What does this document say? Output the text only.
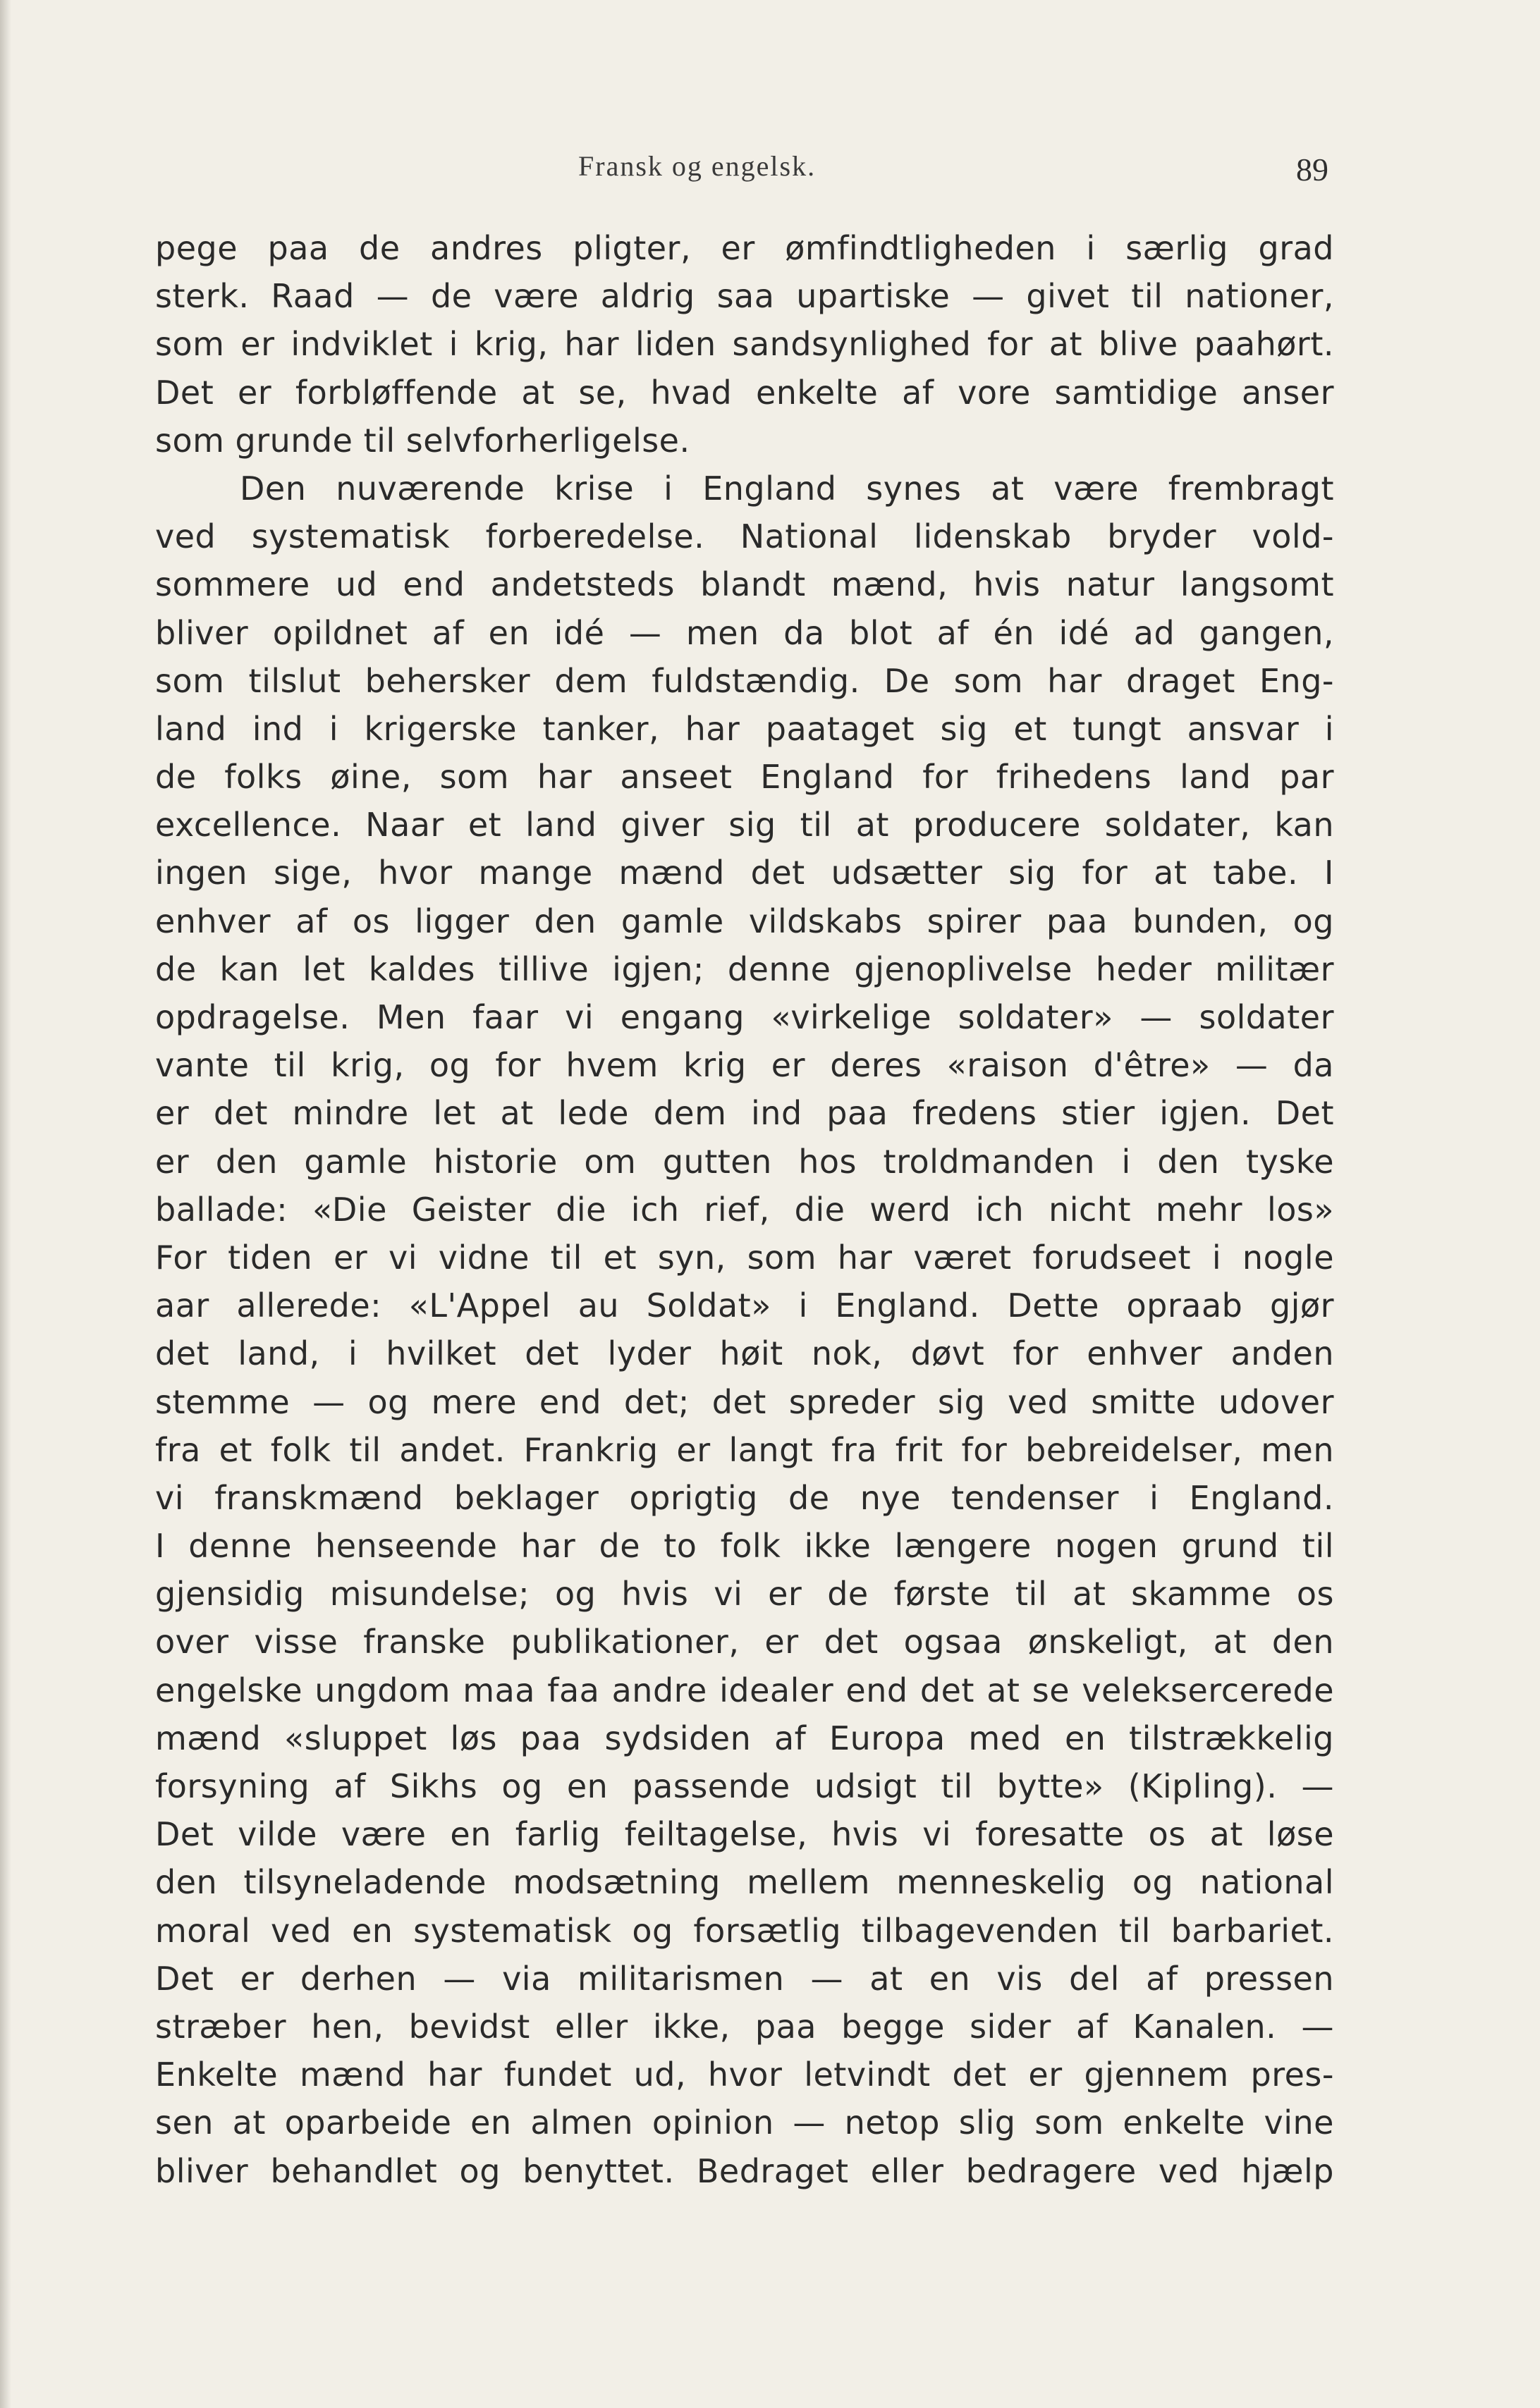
Fransk og engelsk.	89
pege paa de andres pligter, er ømfindtligheden i særlig grad
sterk. Raad — de være aldrig saa upartiske — givet til nationer,
som er indviklet i krig, har liden sandsynlighed for at blive paahørt.
Det er forbløffende at se, hvad enkelte af vore samtidige anser
som grunde til selvforherligelse.
Den nuværende krise i England synes at være frembragt
ved systematisk forberedelse. National lidenskab bryder vold-
sommere ud end andetsteds blandt mænd, hvis natur langsomt
bliver opildnet af en idé — men da blot af én idé ad gangen,
som tilslut behersker dem fuldstændig. De som har draget Eng-
land ind i krigerske tanker, har paataget sig et tungt ansvar i
de folks øine, som har anseet England for frihedens land par
excellence. Naar et land giver sig til at producere soldater, kan
ingen sige, hvor mange mænd det udsætter sig for at tabe. I
enhver af os ligger den gamle vildskabs spirer paa bunden, og
de kan let kaldes tillive igjen; denne gjenoplivelse heder militær
opdragelse. Men faar vi engang «virkelige soldater» — soldater
vante til krig, og for hvem krig er deres «raison d'être» — da
er det mindre let at lede dem ind paa fredens stier igjen. Det
er den gamle historie om gutten hos troldmanden i den tyske
ballade: «Die Geister die ich rief, die werd ich nicht mehr los»
For tiden er vi vidne til et syn, som har været forudseet i nogle
aar allerede: «L'Appel au Soldat» i England. Dette opraab gjør
det land, i hvilket det lyder høit nok, døvt for enhver anden
stemme — og mere end det; det spreder sig ved smitte udover
fra et folk til andet. Frankrig er langt fra frit for bebreidelser, men
vi franskmænd beklager oprigtig de nye tendenser i England.
I denne henseende har de to folk ikke længere nogen grund til
gjensidig misundelse; og hvis vi er de første til at skamme os
over visse franske publikationer, er det ogsaa ønskeligt, at den
engelske ungdom maa faa andre idealer end det at se veleksercerede
mænd «sluppet løs paa sydsiden af Europa med en tilstrækkelig
forsyning af Sikhs og en passende udsigt til bytte» (Kipling). —
Det vilde være en farlig feiltagelse, hvis vi foresatte os at løse
den tilsyneladende modsætning mellem menneskelig og national
moral ved en systematisk og forsætlig tilbagevenden til barbariet.
Det er derhen — via militarismen — at en vis del af pressen
stræber hen, bevidst eller ikke, paa begge sider af Kanalen. —
Enkelte mænd har fundet ud, hvor letvindt det er gjennem pres-
sen at oparbeide en almen opinion — netop slig som enkelte vine
bliver behandlet og benyttet. Bedraget eller bedragere ved hjælp
